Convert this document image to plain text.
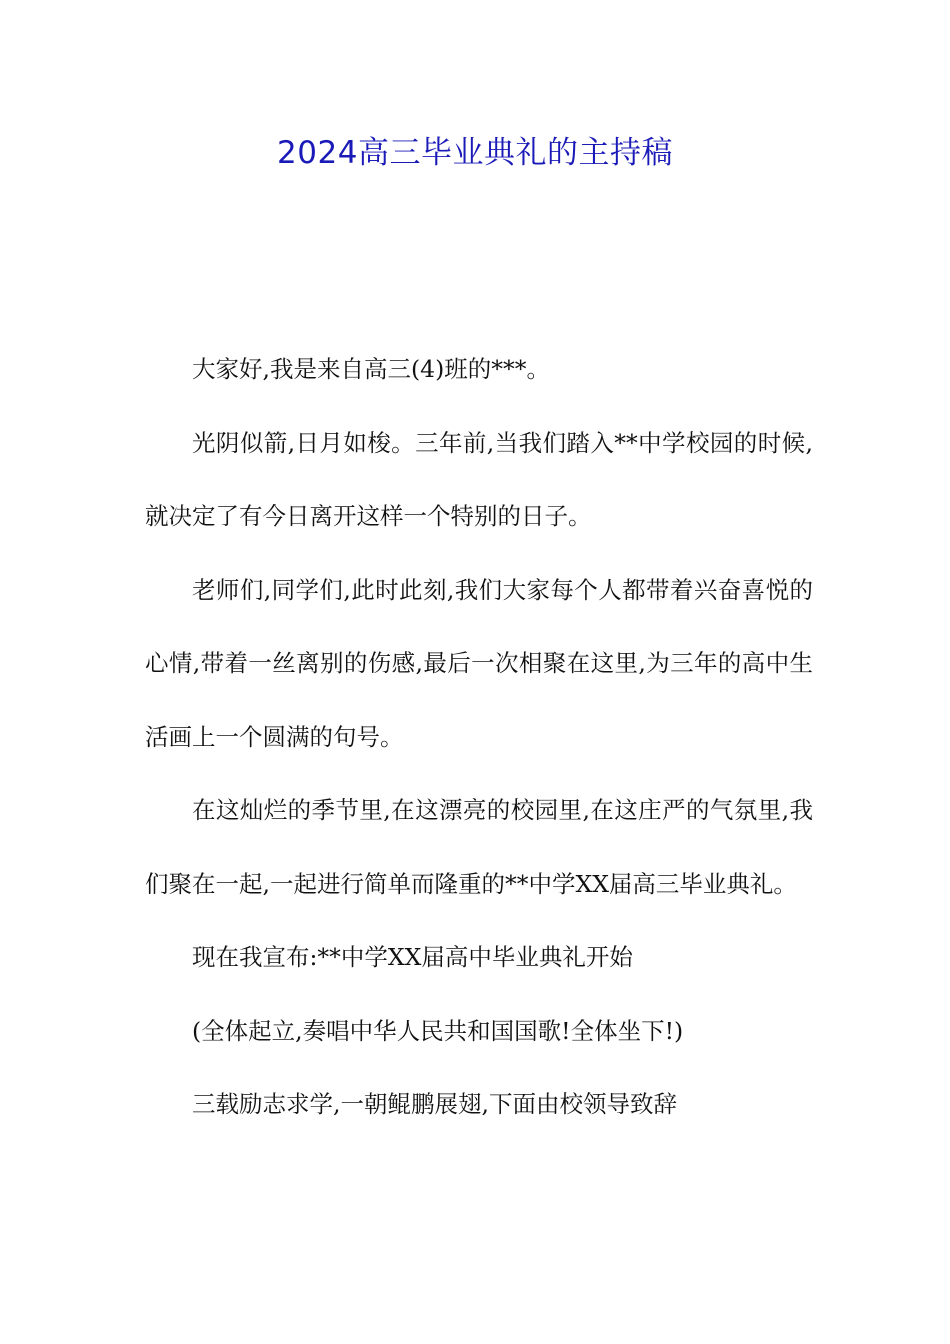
2024高三毕业典礼的主持稿

大家好,我是来自高三(4)班的***。

光阴似箭,日月如梭。三年前,当我们踏入**中学校园的时候,就决定了有今日离开这样一个特别的日子。

老师们,同学们,此时此刻,我们大家每个人都带着兴奋喜悦的心情,带着一丝离别的伤感,最后一次相聚在这里,为三年的高中生活画上一个圆满的句号。

在这灿烂的季节里,在这漂亮的校园里,在这庄严的气氛里,我们聚在一起,一起进行简单而隆重的**中学XX届高三毕业典礼。

现在我宣布:**中学XX届高中毕业典礼开始

(全体起立,奏唱中华人民共和国国歌!全体坐下!)

三载励志求学,一朝鲲鹏展翅,下面由校领导致辞
